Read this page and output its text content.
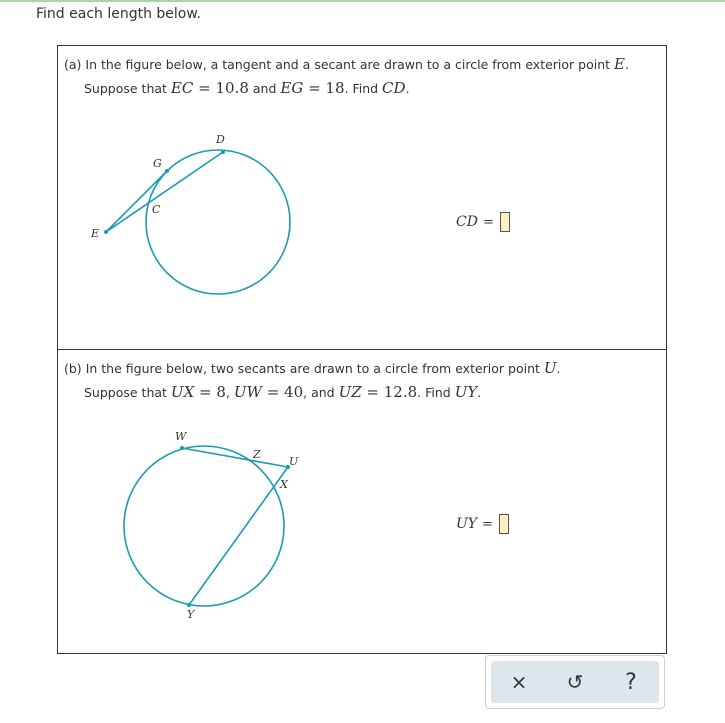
Find each length below.
(a) In the figure below, a tangent and a secant are drawn to a circle from exterior point E.
Suppose that EC = 10.8 and EG = 18. Find CD.
D
G
C
E
CD =
(b) In the figure below, two secants are drawn to a circle from exterior point U.
Suppose that UX = 8, UW = 40, and UZ = 12.8. Find UY.
W
Z
U
X
Y
UY =
×	↺	?
